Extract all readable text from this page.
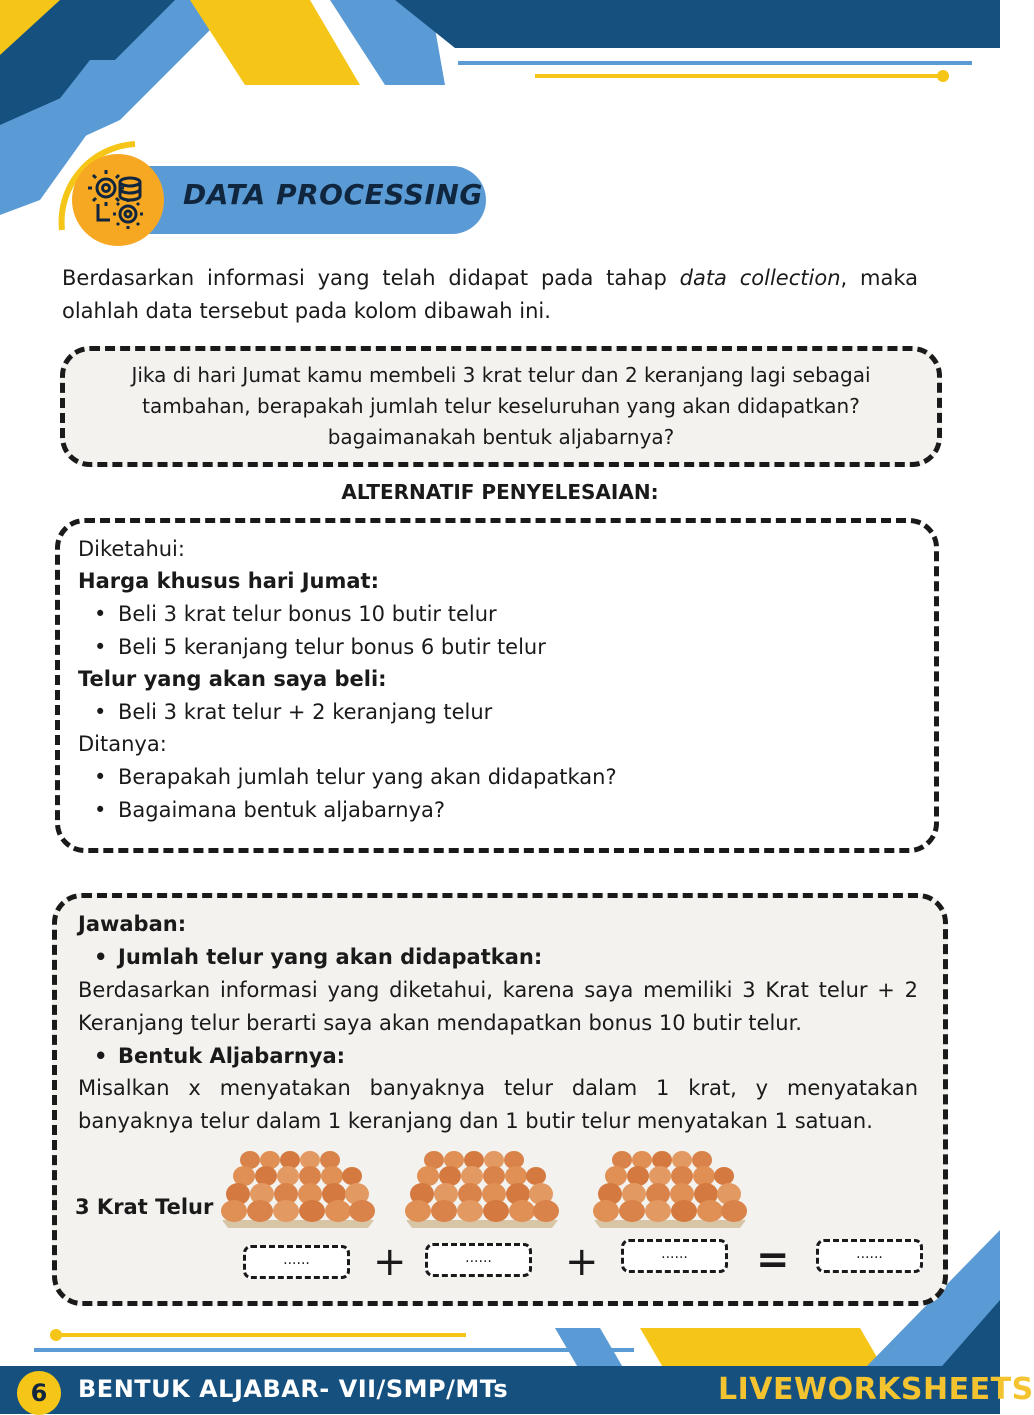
DATA PROCESSING
Berdasarkan informasi yang telah didapat pada tahap data collection, maka olahlah data tersebut pada kolom dibawah ini.
Jika di hari Jumat kamu membeli 3 krat telur dan 2 keranjang lagi sebagai tambahan, berapakah jumlah telur keseluruhan yang akan didapatkan? bagaimanakah bentuk aljabarnya?
ALTERNATIF PENYELESAIAN:
Diketahui:
Harga khusus hari Jumat:
• Beli 3 krat telur bonus 10 butir telur
• Beli 5 keranjang telur bonus 6 butir telur
Telur yang akan saya beli:
• Beli 3 krat telur + 2 keranjang telur
Ditanya:
• Berapakah jumlah telur yang akan didapatkan?
• Bagaimana bentuk aljabarnya?
Jawaban:
• Jumlah telur yang akan didapatkan:
Berdasarkan informasi yang diketahui, karena saya memiliki 3 Krat telur + 2 Keranjang telur berarti saya akan mendapatkan bonus 10 butir telur.
• Bentuk Aljabarnya:
Misalkan x menyatakan banyaknya telur dalam 1 krat, y menyatakan banyaknya telur dalam 1 keranjang dan 1 butir telur menyatakan 1 satuan.
3 Krat Telur
......	+	......	+	......	=	......
6	BENTUK ALJABAR- VII/SMP/MTs	LIVEWORKSHEETS
